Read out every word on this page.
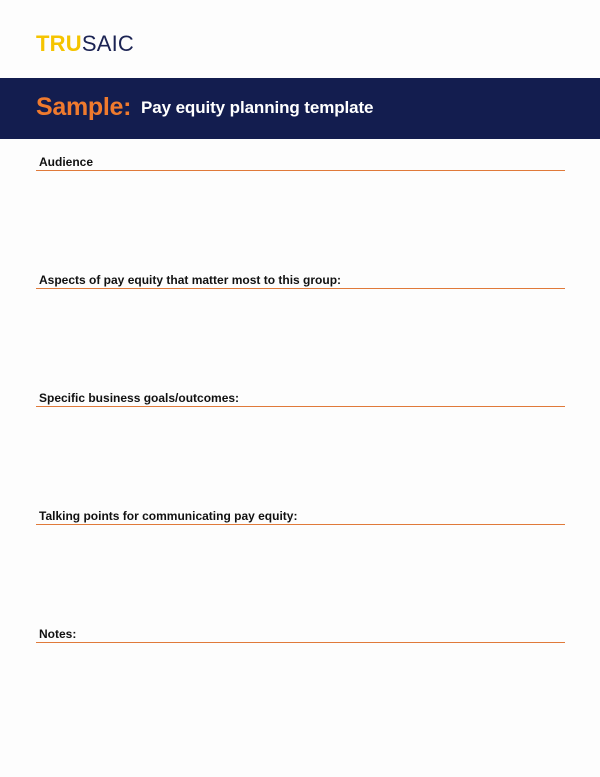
TRUSAIC
Sample: Pay equity planning template
Audience
Aspects of pay equity that matter most to this group:
Specific business goals/outcomes:
Talking points for communicating pay equity:
Notes:
